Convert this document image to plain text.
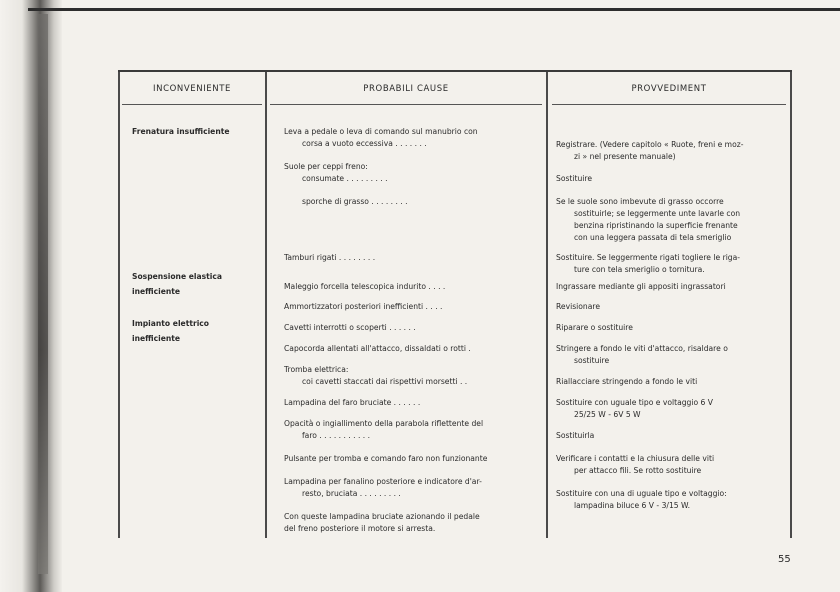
INCONVENIENTE	PROBABILI CAUSE	PROVVEDIMENT
Frenatura insufficiente
Sospensione elastica
inefficiente
Impianto elettrico
inefficiente
Leva a pedale o leva di comando sul manubrio con
corsa a vuoto eccessiva . . . . . . .
Suole per ceppi freno:
consumate . . . . . . . . .
sporche di grasso . . . . . . . .
Tamburi rigati . . . . . . . .
Maleggio forcella telescopica indurito . . . .
Ammortizzatori posteriori inefficienti . . . .
Cavetti interrotti o scoperti . . . . . .
Capocorda allentati all'attacco, dissaldati o rotti .
Tromba elettrica:
coi cavetti staccati dai rispettivi morsetti . .
Lampadina del faro bruciate . . . . . .
Opacità o ingiallimento della parabola riflettente del
faro . . . . . . . . . . .
Pulsante per tromba e comando faro non funzionante
Lampadina per fanalino posteriore e indicatore d'ar-
resto, bruciata . . . . . . . . .
Con queste lampadina bruciate azionando il pedale
del freno posteriore il motore si arresta.
Registrare. (Vedere capitolo « Ruote, freni e moz-
zi » nel presente manuale)
Sostituire
Se le suole sono imbevute di grasso occorre
sostituirle; se leggermente unte lavarle con
benzina ripristinando la superficie frenante
con una leggera passata di tela smeriglio
Sostituire. Se leggermente rigati togliere le riga-
ture con tela smeriglio o tornitura.
Ingrassare mediante gli appositi ingrassatori
Revisionare
Riparare o sostituire
Stringere a fondo le viti d'attacco, risaldare o
sostituire
Riallacciare stringendo a fondo le viti
Sostituire con uguale tipo e voltaggio 6 V
25/25 W - 6V 5 W
Sostituirla
Verificare i contatti e la chiusura delle viti
per attacco fili. Se rotto sostituire
Sostituire con una di uguale tipo e voltaggio:
lampadina biluce 6 V - 3/15 W.
55
